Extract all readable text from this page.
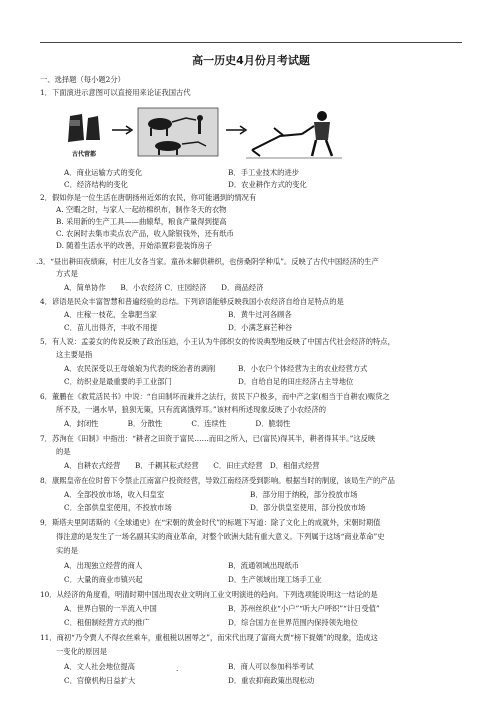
高一历史4月份月考试题
一、选择题（每小题2分）
1．下面演进示意图可以直接用来论证我国古代
古代营都
A．商业运输方式的变化	B．手工业技术的进步
C．经济结构的变化	D．农业耕作方式的变化
2．假如你是一位生活在唐朝扬州近郊的农民，你可能遇到的情况有
A. 空暇之时，与家人一起纺棉织布，制作冬天的衣物
B. 采用新的生产工具——曲辕犁，粮食产量得到提高
C. 农闲时去集市卖点农产品，收入除银钱外，还有纸币
D. 随着生活水平的改善，开始添置彩瓷装饰房子
.3．“昼出耕田夜绩麻，村庄儿女各当家。童孙未解供耕织，也傍桑阴学种瓜”。反映了古代中国经济的生产
方式是
A．简单协作　　B．小农经济 C．庄园经济　　D．商品经济
4．谚语是民众丰富智慧和普遍经验的总结。下列谚语能够反映我国小农经济自给自足特点的是
A．庄稼一枝花，全靠肥当家	B．黄牛过河各顾各
C．苗儿出得齐，丰收不用提	D．小满芝麻芒种谷
5．有人说：孟姜女的传说反映了政治压迫，小王认为牛郎织女的传说典型地反映了中国古代社会经济的特点，
这主要是指
A．农民深受以王母娘娘为代表的统治者的剥削	B．小农户个体经营为主的农业经营方式
C．纺织业是最重要的手工业部门	D．自给自足的田庄经济占主导地位
6．董鹏在《救荒活民书》中说：“自田制坏而兼并之法行，贫民下户极多，而中产之家(相当于自耕农)赈贷之
所不及，一遇水旱，狼狈无策，只有流离饿殍耳。”该材料所述现象反映了小农经济的
A．封闭性　　　　B．分散性　　　　C．连续性　　　　D．脆弱性
7．苏洵在《田制》中指出：“耕者之田资于富民……而田之所入，已(富民)得其半，耕者得其半。”这反映
的是
A．自耕农式经营　　B．千耦其耘式经营　　C．田庄式经营　D．租佃式经营
8．康熙皇帝在位时曾下令禁止江南富户投资经营，导致江南经济受到影响。根据当时的制度，该局生产的产品
A．全部投放市场，收入归皇室	B．部分用于纳税，部分投放市场
C．全部供皇室使用，不投放市场	D．部分供皇室使用，部分投放市场
9．斯塔夫里阿诺斯的《全球通史》在“宋朝的黄金时代”的标题下写道：除了文化上的成就外，宋朝时期值
得注意的是发生了一场名副其实的商业革命，对整个欧洲大陆有重大意义。下列属于这场“商业革命”史
实的是
A．出现独立经营的商人	B．流通领域出现纸币
C．大量的商业市镇兴起	D．生产领域出现工场手工业
10．从经济的角度看，明清时期中国出现农业文明向工业文明演进的趋向。下列选项能说明这一结论的是
A．世界白银的一半流入中国	B．苏州丝织业“小户”“听大户呼织”“计日受值”
C．租佃制经营方式的推广	D．综合国力在世界范围内保持领先地位
11．商初“乃令贾人不得衣丝乘车，重租税以困辱之”，而宋代出现了富商大贾“榜下捉婿”的现象，造成这
一变化的原因是
A．文人社会地位提高	.	B．商人可以参加科举考试
C．官僚机构日益扩大	D．重农抑商政策出现松动
